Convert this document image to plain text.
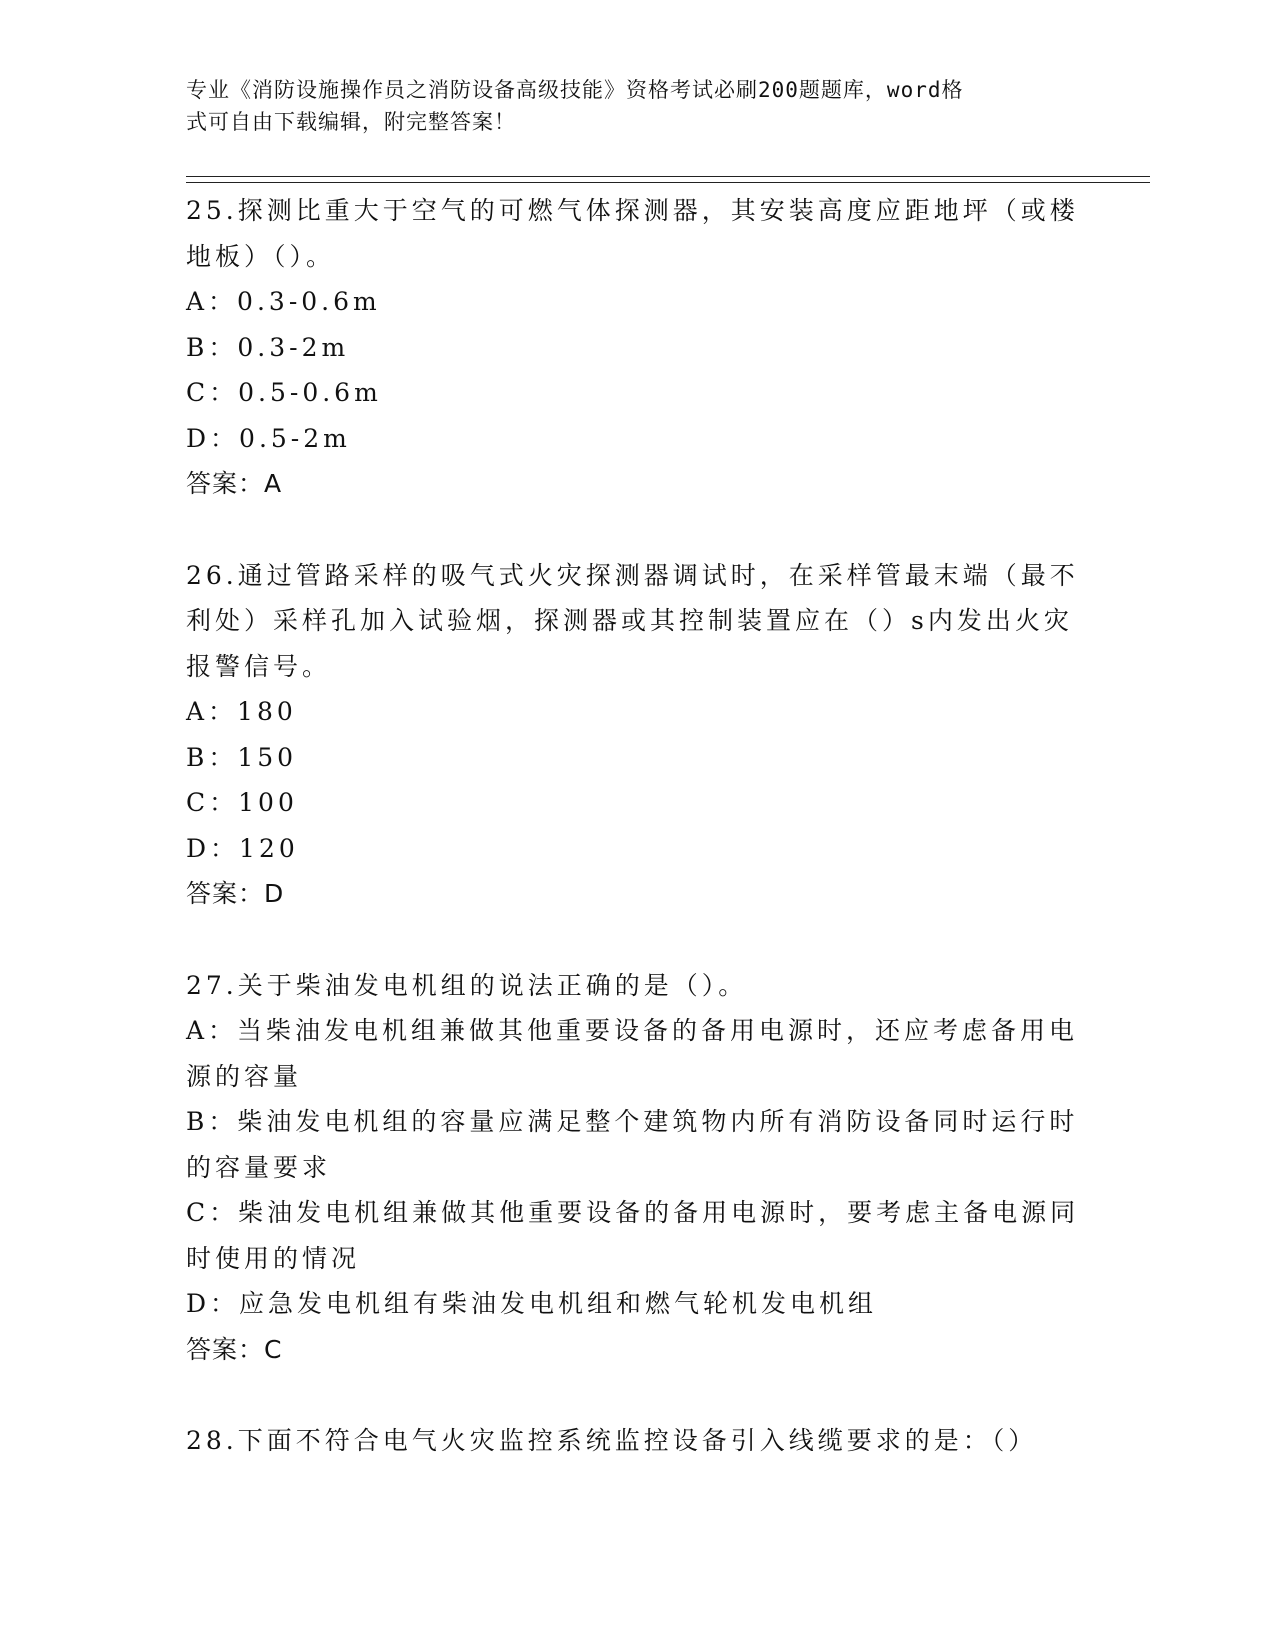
专业《消防设施操作员之消防设备高级技能》资格考试必刷200题题库，word格
式可自由下载编辑，附完整答案！
25.探测比重大于空气的可燃气体探测器，其安装高度应距地坪（或楼
地板）（）。
A：0.3-0.6m
B：0.3-2m
C：0.5-0.6m
D：0.5-2m
答案：A
26.通过管路采样的吸气式火灾探测器调试时，在采样管最末端（最不
利处）采样孔加入试验烟，探测器或其控制装置应在（）s内发出火灾
报警信号。
A：180
B：150
C：100
D：120
答案：D
27.关于柴油发电机组的说法正确的是（）。
A：当柴油发电机组兼做其他重要设备的备用电源时，还应考虑备用电
源的容量
B：柴油发电机组的容量应满足整个建筑物内所有消防设备同时运行时
的容量要求
C：柴油发电机组兼做其他重要设备的备用电源时，要考虑主备电源同
时使用的情况
D：应急发电机组有柴油发电机组和燃气轮机发电机组
答案：C
28.下面不符合电气火灾监控系统监控设备引入线缆要求的是：（）
